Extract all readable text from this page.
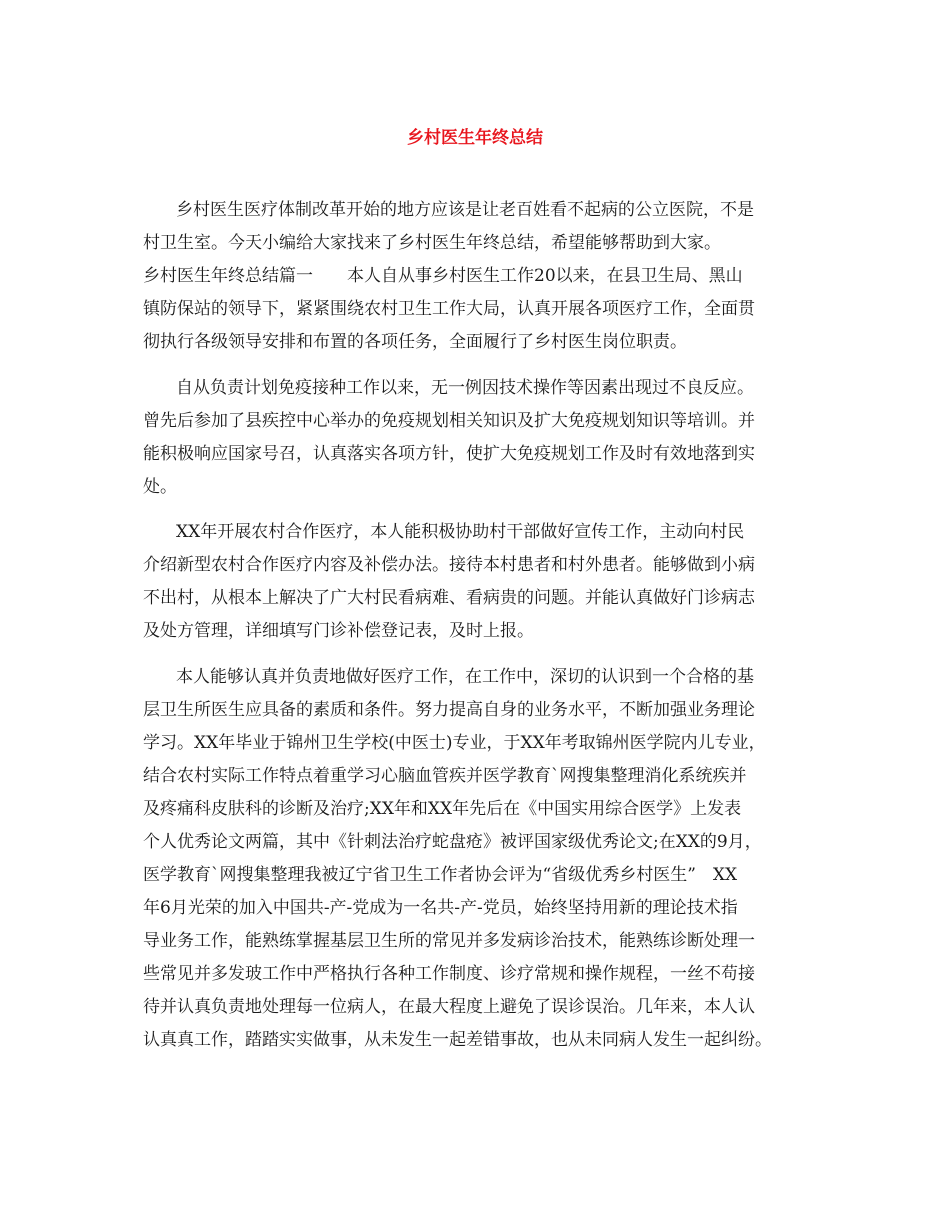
乡村医生年终总结
乡村医生医疗体制改革开始的地方应该是让老百姓看不起病的公立医院，不是
村卫生室。今天小编给大家找来了乡村医生年终总结，希望能够帮助到大家。
乡村医生年终总结篇一　　本人自从事乡村医生工作20以来，在县卫生局、黑山
镇防保站的领导下，紧紧围绕农村卫生工作大局，认真开展各项医疗工作，全面贯
彻执行各级领导安排和布置的各项任务，全面履行了乡村医生岗位职责。
自从负责计划免疫接种工作以来，无一例因技术操作等因素出现过不良反应。
曾先后参加了县疾控中心举办的免疫规划相关知识及扩大免疫规划知识等培训。并
能积极响应国家号召，认真落实各项方针，使扩大免疫规划工作及时有效地落到实
处。
XX年开展农村合作医疗，本人能积极协助村干部做好宣传工作，主动向村民
介绍新型农村合作医疗内容及补偿办法。接待本村患者和村外患者。能够做到小病
不出村，从根本上解决了广大村民看病难、看病贵的问题。并能认真做好门诊病志
及处方管理，详细填写门诊补偿登记表，及时上报。
本人能够认真并负责地做好医疗工作，在工作中，深切的认识到一个合格的基
层卫生所医生应具备的素质和条件。努力提高自身的业务水平，不断加强业务理论
学习。XX年毕业于锦州卫生学校(中医士)专业，于XX年考取锦州医学院内儿专业，
结合农村实际工作特点着重学习心脑血管疾并医学教育`网搜集整理消化系统疾并
及疼痛科皮肤科的诊断及治疗;XX年和XX年先后在《中国实用综合医学》上发表
个人优秀论文两篇，其中《针刺法治疗蛇盘疮》被评国家级优秀论文;在XX的9月，
医学教育`网搜集整理我被辽宁省卫生工作者协会评为“省级优秀乡村医生”　XX
年6月光荣的加入中国共-产-党成为一名共-产-党员，始终坚持用新的理论技术指
导业务工作，能熟练掌握基层卫生所的常见并多发病诊治技术，能熟练诊断处理一
些常见并多发玻工作中严格执行各种工作制度、诊疗常规和操作规程，一丝不苟接
待并认真负责地处理每一位病人，在最大程度上避免了误诊误治。几年来，本人认
认真真工作，踏踏实实做事，从未发生一起差错事故，也从未同病人发生一起纠纷。
